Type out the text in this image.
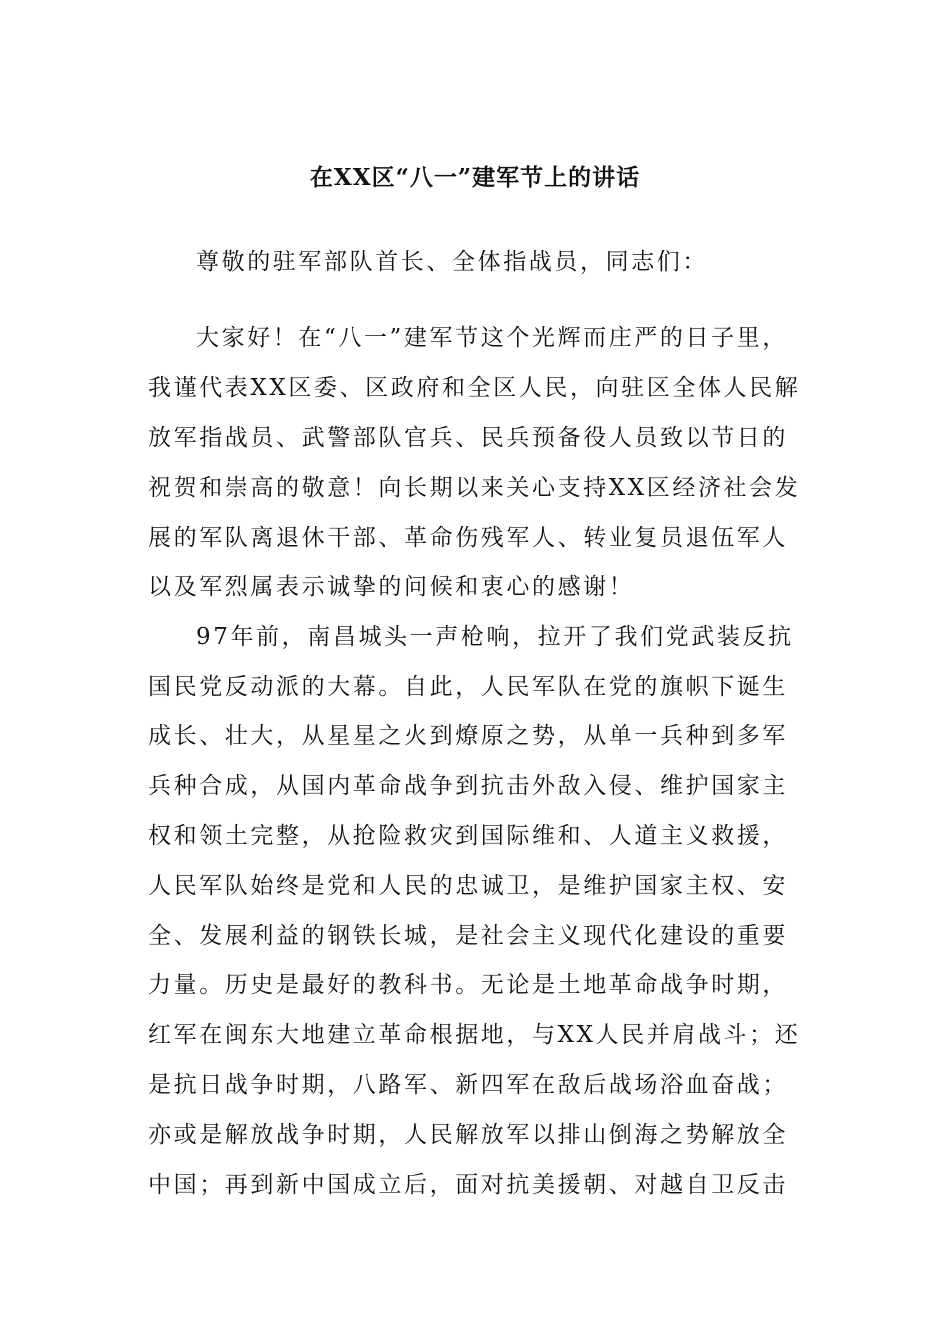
在XX区“八一”建军节上的讲话
尊敬的驻军部队首长、全体指战员，同志们：
大家好！在“八一”建军节这个光辉而庄严的日子里，
我谨代表XX区委、区政府和全区人民，向驻区全体人民解
放军指战员、武警部队官兵、民兵预备役人员致以节日的
祝贺和崇高的敬意！向长期以来关心支持XX区经济社会发
展的军队离退休干部、革命伤残军人、转业复员退伍军人
以及军烈属表示诚挚的问候和衷心的感谢！
97年前，南昌城头一声枪响，拉开了我们党武装反抗
国民党反动派的大幕。自此，人民军队在党的旗帜下诞生
成长、壮大，从星星之火到燎原之势，从单一兵种到多军
兵种合成，从国内革命战争到抗击外敌入侵、维护国家主
权和领土完整，从抢险救灾到国际维和、人道主义救援，
人民军队始终是党和人民的忠诚卫，是维护国家主权、安
全、发展利益的钢铁长城，是社会主义现代化建设的重要
力量。历史是最好的教科书。无论是土地革命战争时期，
红军在闽东大地建立革命根据地，与XX人民并肩战斗；还
是抗日战争时期，八路军、新四军在敌后战场浴血奋战；
亦或是解放战争时期，人民解放军以排山倒海之势解放全
中国；再到新中国成立后，面对抗美援朝、对越自卫反击
